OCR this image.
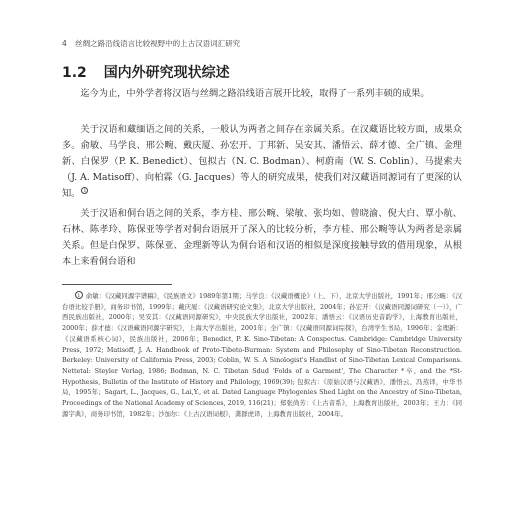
4 丝绸之路沿线语言比较视野中的上古汉语词汇研究
1.2 国内外研究现状综述

迄今为止，中外学者将汉语与丝绸之路沿线语言展开比较，取得了一系列丰硕的成果。

关于汉语和藏缅语之间的关系，一般认为两者之间存在亲属关系。在汉藏语比较方面，成果众多。俞敏、马学良、邢公畹、戴庆厦、孙宏开、丁邦新、吴安其、潘悟云、薛才德、全广镇、金理新、白保罗（P. K. Benedict）、包拟古（N. C. Bodman）、柯蔚南（W. S. Coblin）、马提索夫（J. A. Matisoff）、向柏霖（G. Jacques）等人的研究成果，使我们对汉藏语同源词有了更深的认知。 1

关于汉语和侗台语之间的关系，李方桂、邢公畹、梁敏、张均如、曾晓渝、倪大白、覃小航、石林、陈孝玲、陈保亚等学者对侗台语展开了深入的比较分析，李方桂、邢公畹等认为两者是亲属关系。但是白保罗、陈保亚、金理新等认为侗台语和汉语的相似是深度接触导致的借用现象，从根本上来看侗台语和

1 俞敏：《汉藏同源字谱稿》，《民族语文》1989年第1期；马学良：《汉藏语概论》（上、下），北京大学出版社，1991年；邢公畹：《汉台语比较手册》，商务印书馆，1999年；戴庆厦：《汉藏语研究论文集》，北京大学出版社，2004年；孙宏开：《汉藏语同源词研究（一）》，广西民族出版社，2000年；吴安其：《汉藏语同源研究》，中央民族大学出版社，2002年；潘悟云：《汉语历史音韵学》，上海教育出版社，2000年；薛才德：《汉语藏语同源字研究》，上海大学出版社，2001年；全广镇：《汉藏语同源词综探》，台湾学生书局，1996年；金理新：《汉藏语系核心词》，民族出版社，2006年；Benedict, P. K. Sino-Tibetan: A Conspectus. Cambridge: Cambridge University Press, 1972; Matisoff, J. A. Handbook of Proto-Tibeto-Burman: System and Philosophy of Sino-Tibetan Reconstruction. Berkeley: University of California Press, 2003; Coblin, W. S. A Sinologist's Handlist of Sino-Tibetan Lexical Comparisons. Nettetal: Steyler Verlag, 1986; Bodman, N. C. Tibetan Sdud 'Folds of a Garment', The Character *卒, and the *St-Hypothesis, Bulletin of the Institute of History and Philology, 1969(39); 包拟古：《原始汉语与汉藏语》，潘悟云、冯蒸译，中华书局，1995年；Sagart, L., Jacques, G., Lai,Y., et al. Dated Language Phylogenies Shed Light on the Ancestry of Sino-Tibetan, Proceedings of the National Academy of Sciences, 2019, 116(21)；郑张尚芳：《上古音系》，上海教育出版社，2003年；王力：《同源字典》，商务印书馆，1982年；沙加尔：《上古汉语词根》，龚群虎译，上海教育出版社，2004年。
